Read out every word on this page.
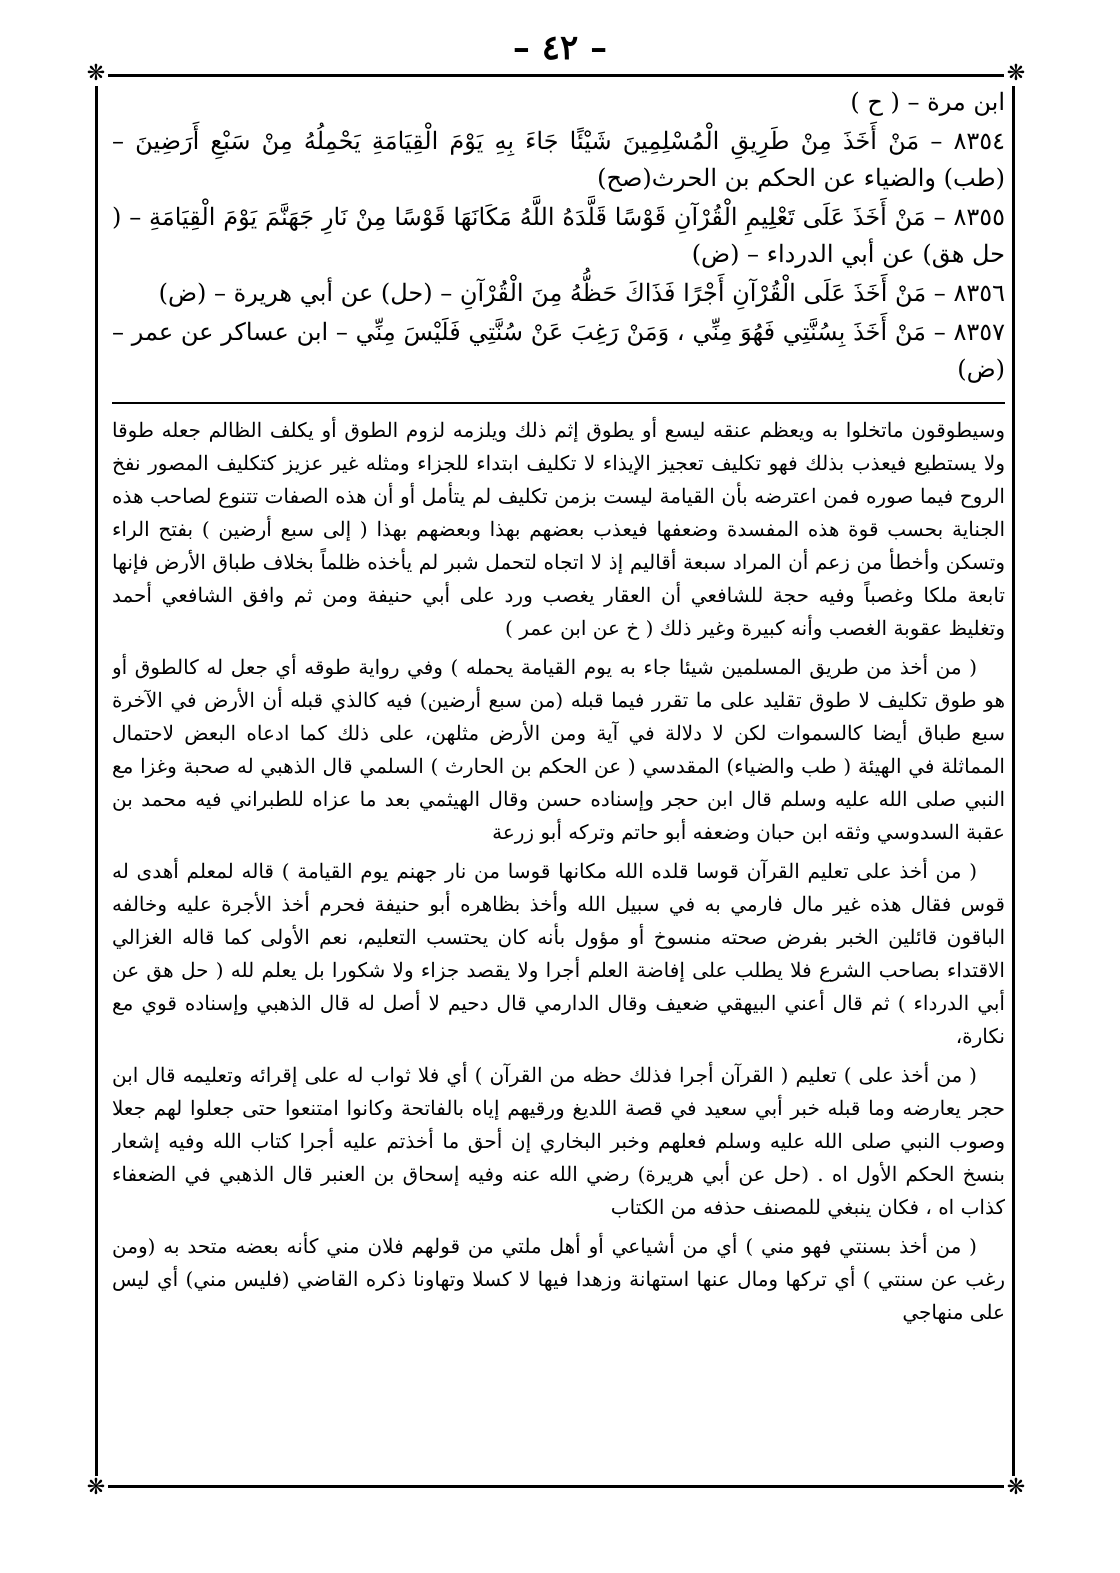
– ٤٢ –
❋	❋
❋	❋

ابن مرة – ( ح )

٨٣٥٤ – مَنْ أَخَذَ مِنْ طَرِيقِ الْمُسْلِمِينَ شَيْئًا جَاءَ بِهِ يَوْمَ الْقِيَامَةِ يَحْمِلُهُ مِنْ سَبْعِ أَرَضِينَ – (طب) والضياء عن الحكم بن الحرث(صح)

٨٣٥٥ – مَنْ أَخَذَ عَلَى تَعْلِيمِ الْقُرْآنِ قَوْسًا قَلَّدَهُ اللَّهُ مَكَانَهَا قَوْسًا مِنْ نَارِ جَهَنَّمَ يَوْمَ الْقِيَامَةِ – ( حل هق) عن أبي الدرداء – (ض)

٨٣٥٦ – مَنْ أَخَذَ عَلَى الْقُرْآنِ أَجْرًا فَذَاكَ حَظُّهُ مِنَ الْقُرْآنِ – (حل) عن أبي هريرة – (ض)

٨٣٥٧ – مَنْ أَخَذَ بِسُنَّتِي فَهُوَ مِنِّي ، وَمَنْ رَغِبَ عَنْ سُنَّتِي فَلَيْسَ مِنِّي – ابن عساكر عن عمر – (ض)

وسيطوقون ماتخلوا به ويعظم عنقه ليسع أو يطوق إثم ذلك ويلزمه لزوم الطوق أو يكلف الظالم جعله طوقا ولا يستطيع فيعذب بذلك فهو تكليف تعجيز الإيذاء لا تكليف ابتداء للجزاء ومثله غير عزيز كتكليف المصور نفخ الروح فيما صوره فمن اعترضه بأن القيامة ليست بزمن تكليف لم يتأمل أو أن هذه الصفات تتنوع لصاحب هذه الجناية بحسب قوة هذه المفسدة وضعفها فيعذب بعضهم بهذا وبعضهم بهذا ( إلى سبع أرضين ) بفتح الراء وتسكن وأخطأ من زعم أن المراد سبعة أقاليم إذ لا اتجاه لتحمل شبر لم يأخذه ظلماً بخلاف طباق الأرض فإنها تابعة ملكا وغصباً وفيه حجة للشافعي أن العقار يغصب ورد على أبي حنيفة ومن ثم وافق الشافعي أحمد وتغليظ عقوبة الغصب وأنه كبيرة وغير ذلك ( خ عن ابن عمر )

( من أخذ من طريق المسلمين شيئا جاء به يوم القيامة يحمله ) وفي رواية طوقه أي جعل له كالطوق أو هو طوق تكليف لا طوق تقليد على ما تقرر فيما قبله (من سبع أرضين) فيه كالذي قبله أن الأرض في الآخرة سبع طباق أيضا كالسموات لكن لا دلالة في آية ومن الأرض مثلهن، على ذلك كما ادعاه البعض لاحتمال المماثلة في الهيئة ( طب والضياء) المقدسي ( عن الحكم بن الحارث ) السلمي قال الذهبي له صحبة وغزا مع النبي صلى الله عليه وسلم قال ابن حجر وإسناده حسن وقال الهيثمي بعد ما عزاه للطبراني فيه محمد بن عقبة السدوسي وثقه ابن حبان وضعفه أبو حاتم وتركه أبو زرعة

( من أخذ على تعليم القرآن قوسا قلده الله مكانها قوسا من نار جهنم يوم القيامة ) قاله لمعلم أهدى له قوس فقال هذه غير مال فارمي به في سبيل الله وأخذ بظاهره أبو حنيفة فحرم أخذ الأجرة عليه وخالفه الباقون قائلين الخبر بفرض صحته منسوخ أو مؤول بأنه كان يحتسب التعليم، نعم الأولى كما قاله الغزالي الاقتداء بصاحب الشرع فلا يطلب على إفاضة العلم أجرا ولا يقصد جزاء ولا شكورا بل يعلم لله ( حل هق عن أبي الدرداء ) ثم قال أعني البيهقي ضعيف وقال الدارمي قال دحيم لا أصل له قال الذهبي وإسناده قوي مع نكارة،

( من أخذ على ) تعليم ( القرآن أجرا فذلك حظه من القرآن ) أي فلا ثواب له على إقرائه وتعليمه قال ابن حجر يعارضه وما قبله خبر أبي سعيد في قصة اللديغ ورقيهم إياه بالفاتحة وكانوا امتنعوا حتى جعلوا لهم جعلا وصوب النبي صلى الله عليه وسلم فعلهم وخبر البخاري إن أحق ما أخذتم عليه أجرا كتاب الله وفيه إشعار بنسخ الحكم الأول اه . (حل عن أبي هريرة) رضي الله عنه وفيه إسحاق بن العنبر قال الذهبي في الضعفاء كذاب اه ، فكان ينبغي للمصنف حذفه من الكتاب

( من أخذ بسنتي فهو مني ) أي من أشياعي أو أهل ملتي من قولهم فلان مني كأنه بعضه متحد به (ومن رغب عن سنتي ) أي تركها ومال عنها استهانة وزهدا فيها لا كسلا وتهاونا ذكره القاضي (فليس مني) أي ليس على منهاجي
